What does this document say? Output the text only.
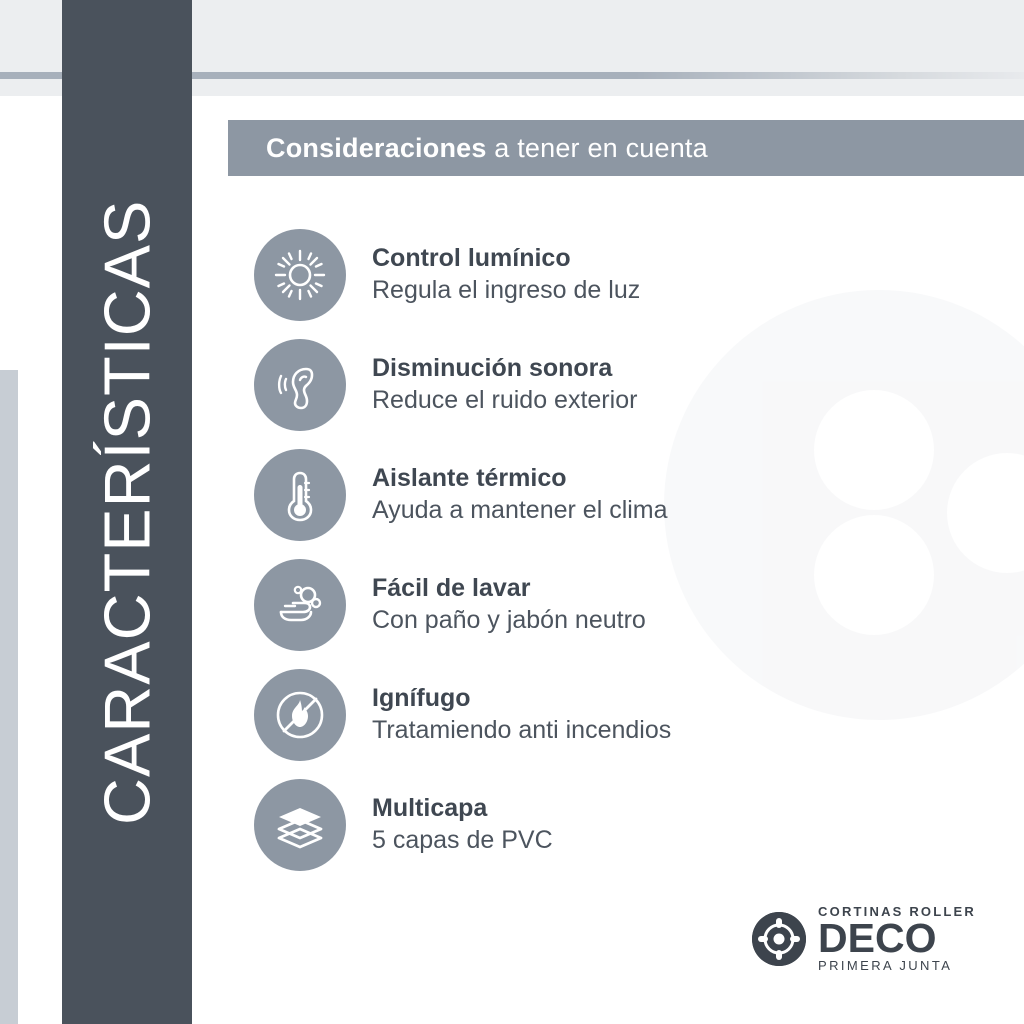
CARACTERÍSTICAS
Consideraciones a tener en cuenta
Control lumínico
Regula el ingreso de luz
Disminución sonora
Reduce el ruido exterior
Aislante térmico
Ayuda a mantener el clima
Fácil de lavar
Con paño y jabón neutro
Ignífugo
Tratamiendo anti incendios
Multicapa
5 capas de PVC
CORTINAS ROLLER
DECO
PRIMERA JUNTA
